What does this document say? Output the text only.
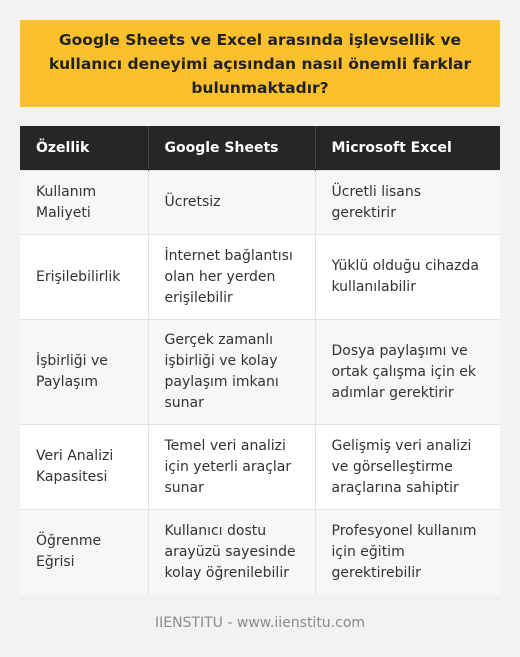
Google Sheets ve Excel arasında işlevsellik ve kullanıcı deneyimi açısından nasıl önemli farklar bulunmaktadır?
Özellik	Google Sheets	Microsoft Excel
Kullanım Maliyeti	Ücretsiz	Ücretli lisans gerektirir
Erişilebilirlik	İnternet bağlantısı olan her yerden erişilebilir	Yüklü olduğu cihazda kullanılabilir
İşbirliği ve Paylaşım	Gerçek zamanlı işbirliği ve kolay paylaşım imkanı sunar	Dosya paylaşımı ve ortak çalışma için ek adımlar gerektirir
Veri Analizi Kapasitesi	Temel veri analizi için yeterli araçlar sunar	Gelişmiş veri analizi ve görselleştirme araçlarına sahiptir
Öğrenme Eğrisi	Kullanıcı dostu arayüzü sayesinde kolay öğrenilebilir	Profesyonel kullanım için eğitim gerektirebilir
IIENSTITU - www.iienstitu.com
